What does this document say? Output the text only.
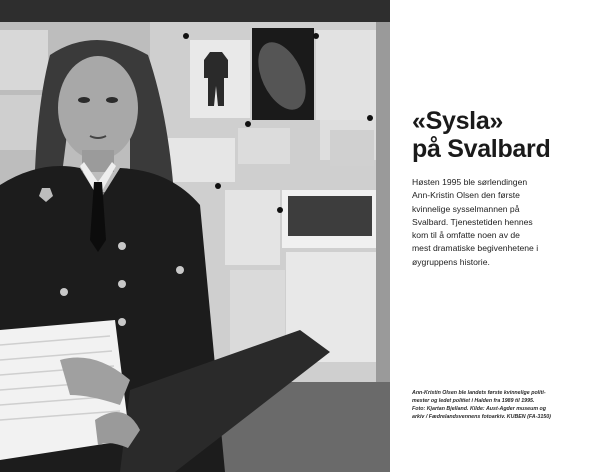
«Sysla»
på Svalbard

Høsten 1995 ble sørlendingen
Ann-Kristin Olsen den første
kvinnelige sysselmannen på
Svalbard. Tjenestetiden hennes
kom til å omfatte noen av de
mest dramatiske begivenhetene i
øygruppens historie.

Ann-Kristin Olsen ble landets første kvinnelige politi-
mester og ledet politiet i Halden fra 1989 til 1995.
Foto: Kjartan Bjelland. Kilde: Aust-Agder museum og
arkiv / Fædrelandsvennens fotoarkiv. KUBEN (FA-3150)
